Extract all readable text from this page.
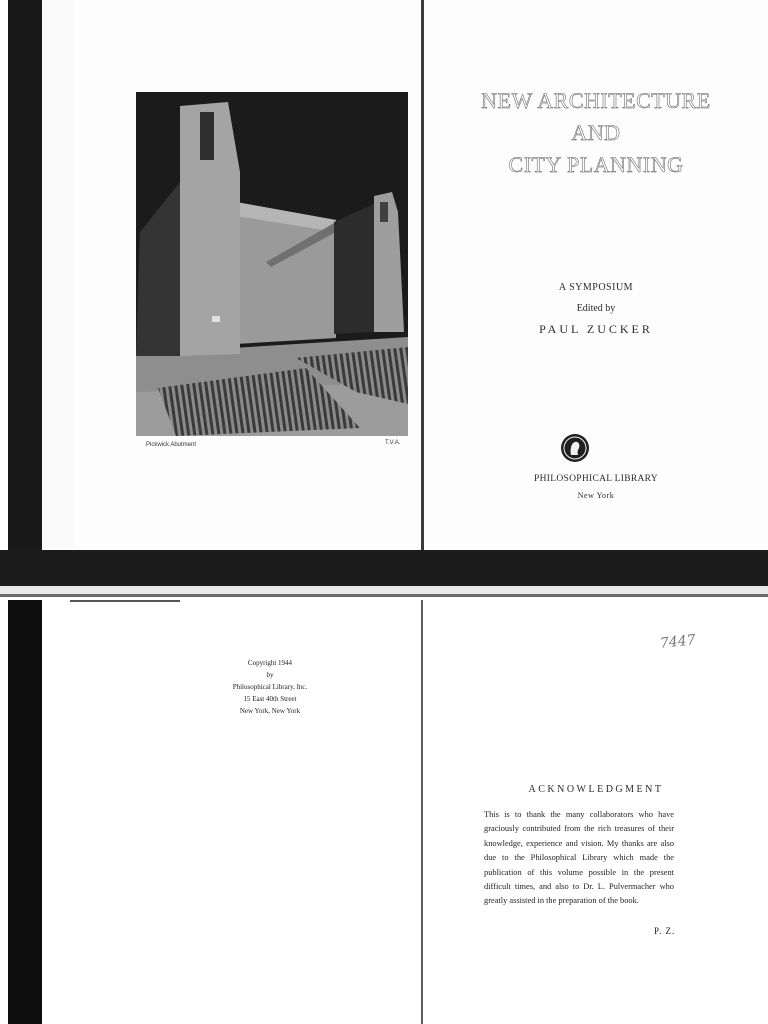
Pickwick Abutment	T.V.A.
NEW ARCHITECTURE
AND
CITY PLANNING
A SYMPOSIUM
Edited by
PAUL ZUCKER
PHILOSOPHICAL LIBRARY
New York
Copyright 1944
by
Philosophical Library, Inc.
15 East 40th Street
New York, New York
7447
ACKNOWLEDGMENT
This is to thank the many collaborators who have graciously contributed from the rich treasures of their knowledge, experience and vision. My thanks are also due to the Philosophical Library which made the publication of this volume possible in the present difficult times, and also to Dr. L. Pulvermacher who greatly assisted in the preparation of the book.
P. Z.
